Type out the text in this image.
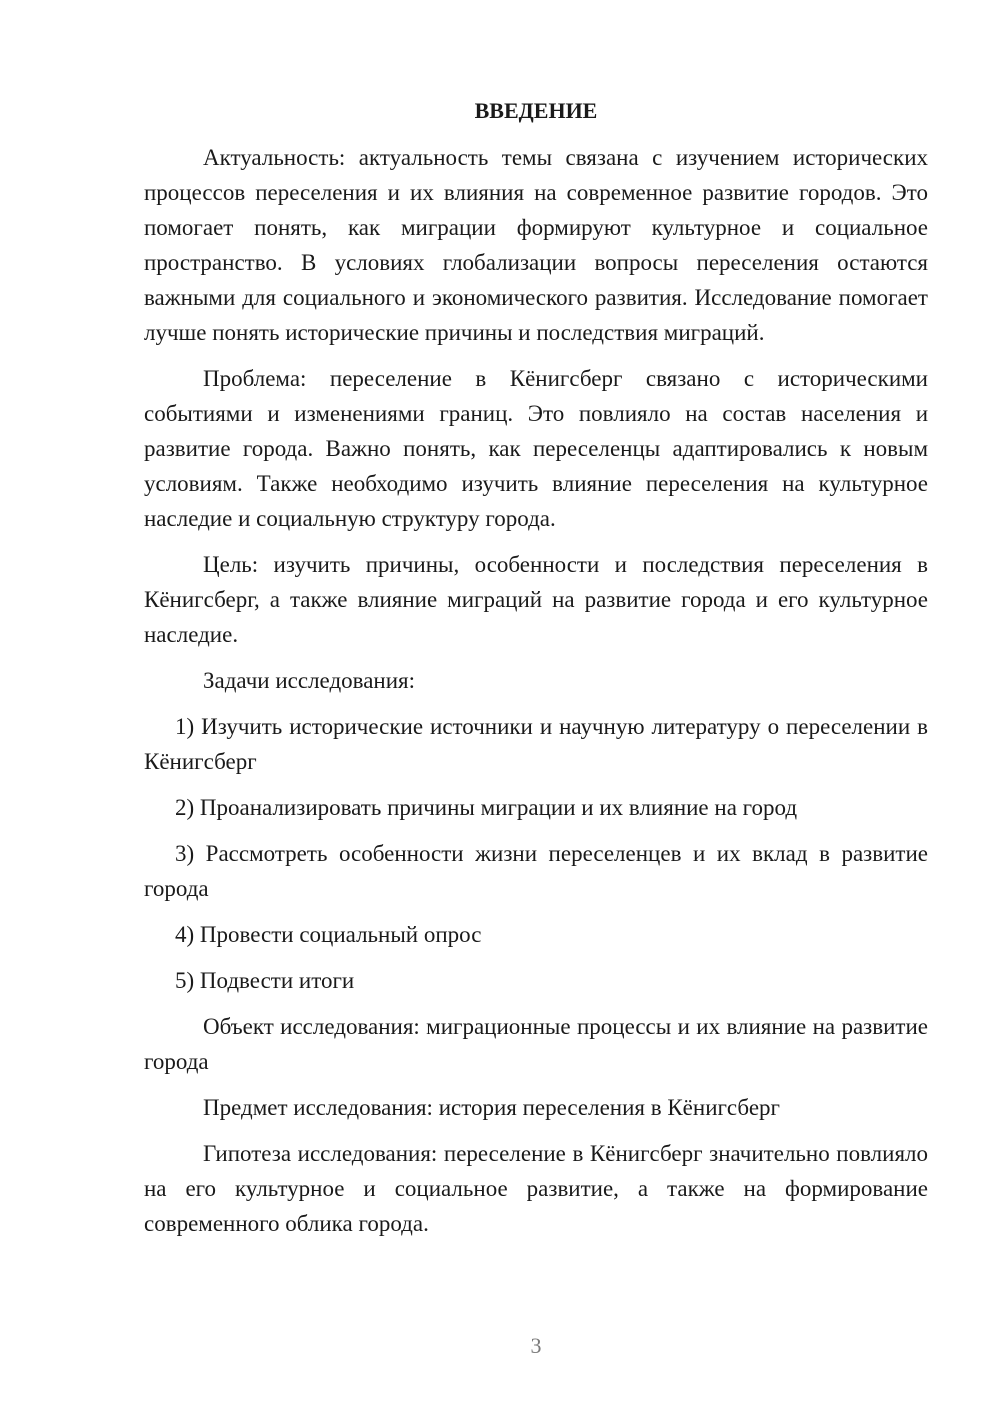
ВВЕДЕНИЕ

Актуальность: актуальность темы связана с изучением исторических процессов переселения и их влияния на современное развитие городов. Это помогает понять, как миграции формируют культурное и социальное пространство. В условиях глобализации вопросы переселения остаются важными для социального и экономического развития. Исследование помогает лучше понять исторические причины и последствия миграций.

Проблема: переселение в Кёнигсберг связано с историческими событиями и изменениями границ. Это повлияло на состав населения и развитие города. Важно понять, как переселенцы адаптировались к новым условиям. Также необходимо изучить влияние переселения на культурное наследие и социальную структуру города.

Цель: изучить причины, особенности и последствия переселения в Кёнигсберг, а также влияние миграций на развитие города и его культурное наследие.

Задачи исследования:

1) Изучить исторические источники и научную литературу о переселении в Кёнигсберг

2) Проанализировать причины миграции и их влияние на город

3) Рассмотреть особенности жизни переселенцев и их вклад в развитие города

4) Провести социальный опрос

5) Подвести итоги

Объект исследования: миграционные процессы и их влияние на развитие города

Предмет исследования: история переселения в Кёнигсберг

Гипотеза исследования: переселение в Кёнигсберг значительно повлияло на его культурное и социальное развитие, а также на формирование современного облика города.

3
